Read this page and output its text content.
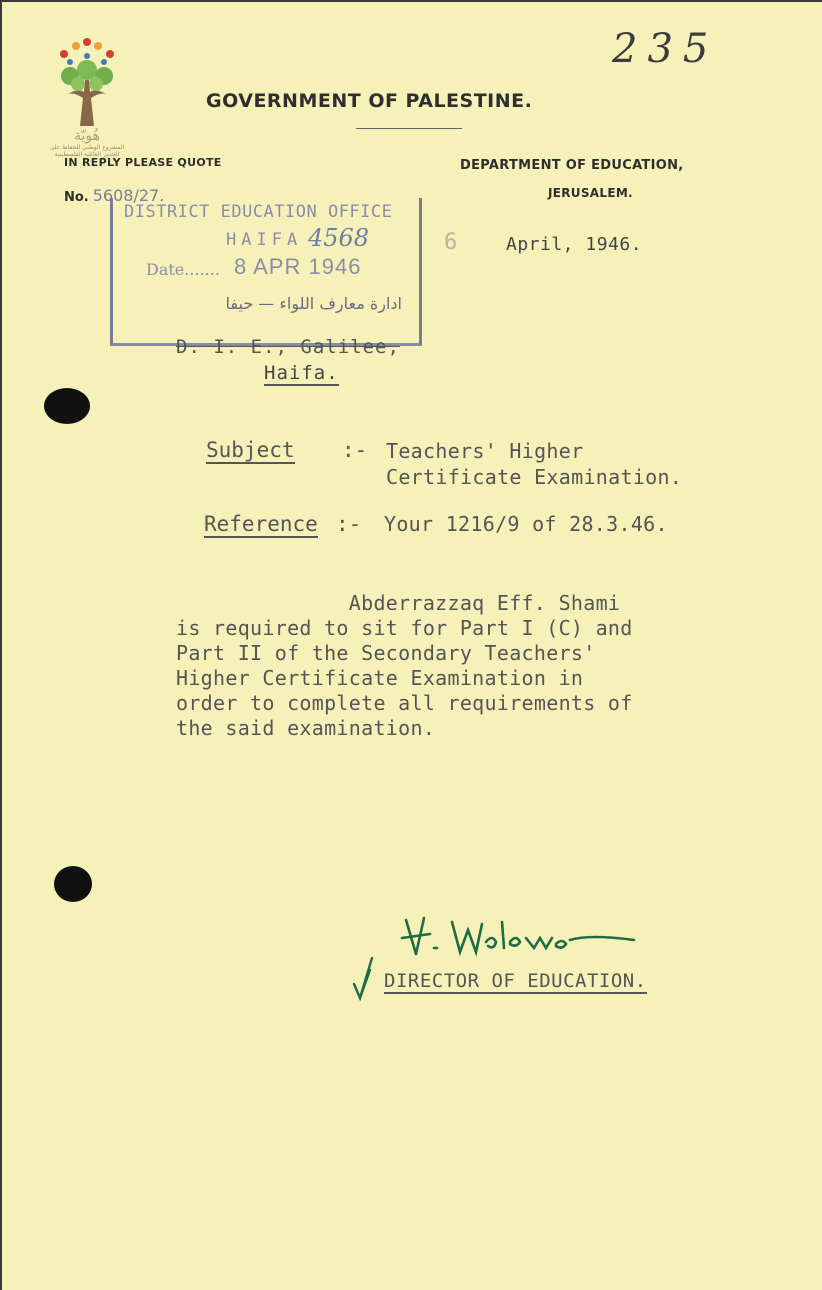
235
هُويّة
المشروع الوطني للحفاظ على الجذور العائلية الفلسطينية
GOVERNMENT OF PALESTINE.
IN REPLY PLEASE QUOTE	DEPARTMENT OF EDUCATION,
JERUSALEM.
No. 5608/27.
DISTRICT EDUCATION OFFICE
HAIFA 4568
Date....... 8 APR 1946
ادارة معارف اللواء — حيفا
6	April, 1946.
D. I. E., Galilee,
Haifa.
Subject :- Teachers' Higher
Certificate Examination.
Reference :- Your 1216/9 of 28.3.46.
Abderrazzaq Eff. Shami
is required to sit for Part I (C) and
Part II of the Secondary Teachers'
Higher Certificate Examination in
order to complete all requirements of
the said examination.
DIRECTOR OF EDUCATION.
